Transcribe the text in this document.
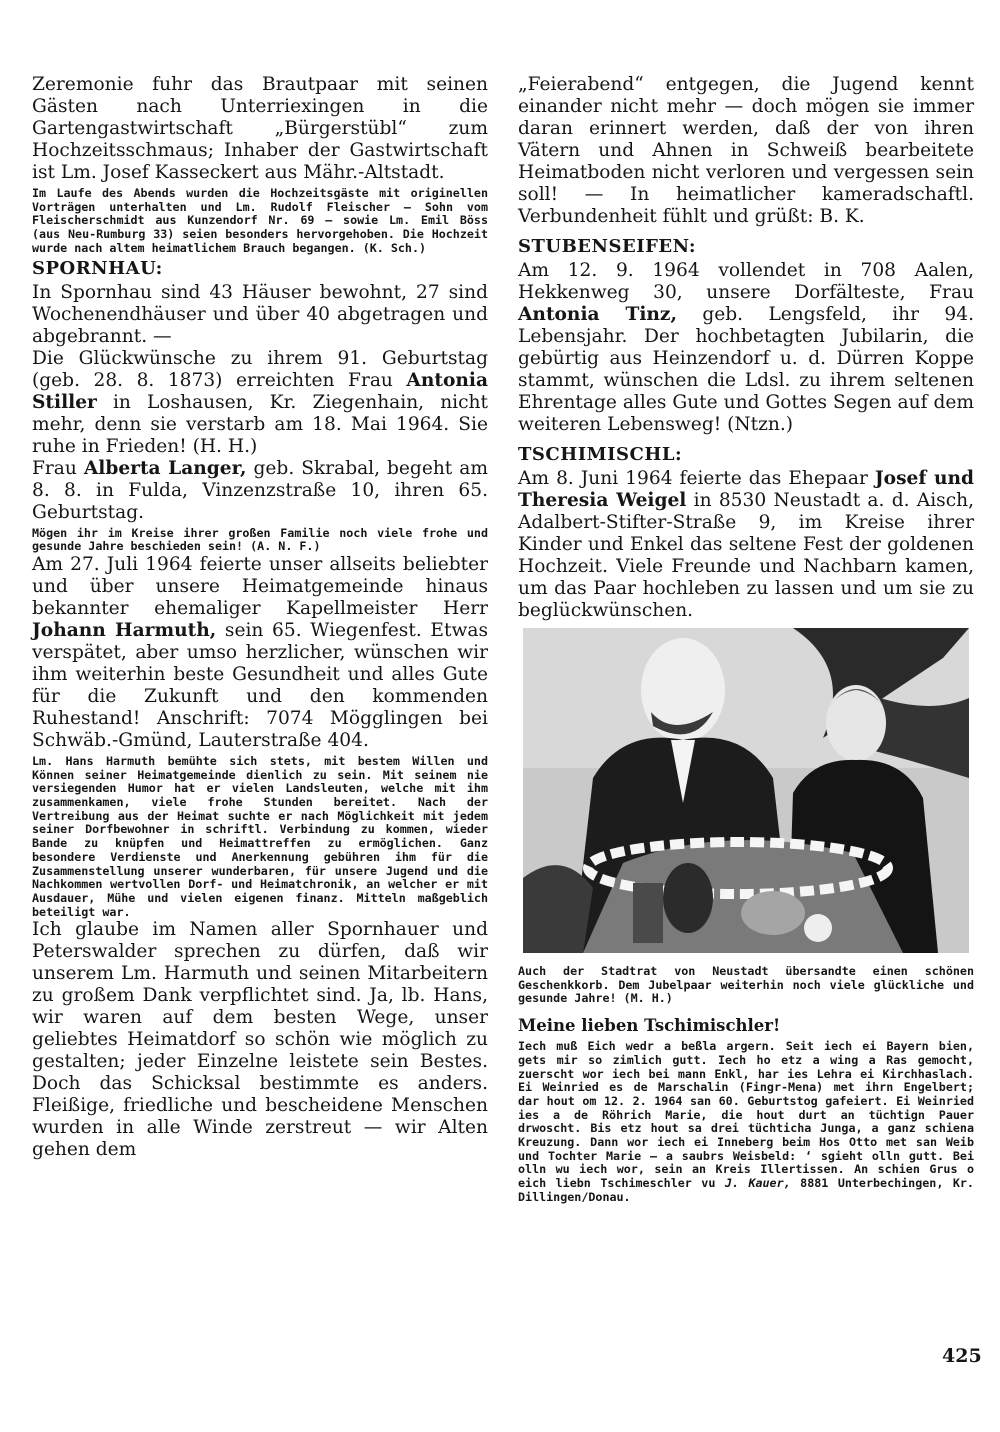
Zeremonie fuhr das Brautpaar mit seinen Gästen nach Unterriexingen in die Gartengastwirtschaft „Bürgerstübl“ zum Hochzeitsschmaus; Inhaber der Gastwirtschaft ist Lm. Josef Kasseckert aus Mähr.-Altstadt.

Im Laufe des Abends wurden die Hochzeitsgäste mit originellen Vorträgen unterhalten und Lm. Rudolf Fleischer — Sohn vom Fleischerschmidt aus Kunzendorf Nr. 69 — sowie Lm. Emil Böss (aus Neu-Rumburg 33) seien besonders hervorgehoben. Die Hochzeit wurde nach altem heimatlichem Brauch begangen. (K. Sch.)

SPORNHAU:

In Spornhau sind 43 Häuser bewohnt, 27 sind Wochenendhäuser und über 40 abgetragen und abgebrannt. —

Die Glückwünsche zu ihrem 91. Geburtstag (geb. 28. 8. 1873) erreichten Frau Antonia Stiller in Loshausen, Kr. Ziegenhain, nicht mehr, denn sie verstarb am 18. Mai 1964. Sie ruhe in Frieden! (H. H.)

Frau Alberta Langer, geb. Skrabal, begeht am 8. 8. in Fulda, Vinzenzstraße 10, ihren 65. Geburtstag.

Mögen ihr im Kreise ihrer großen Familie noch viele frohe und gesunde Jahre beschieden sein! (A. N. F.)

Am 27. Juli 1964 feierte unser allseits beliebter und über unsere Heimatgemeinde hinaus bekannter ehemaliger Kapellmeister Herr Johann Harmuth, sein 65. Wiegenfest. Etwas verspätet, aber umso herzlicher, wünschen wir ihm weiterhin beste Gesundheit und alles Gute für die Zukunft und den kommenden Ruhestand! Anschrift: 7074 Mögglingen bei Schwäb.-Gmünd, Lauterstraße 404.

Lm. Hans Harmuth bemühte sich stets, mit bestem Willen und Können seiner Heimatgemeinde dienlich zu sein. Mit seinem nie versiegenden Humor hat er vielen Landsleuten, welche mit ihm zusammenkamen, viele frohe Stunden bereitet. Nach der Vertreibung aus der Heimat suchte er nach Möglichkeit mit jedem seiner Dorfbewohner in schriftl. Verbindung zu kommen, wieder Bande zu knüpfen und Heimattreffen zu ermöglichen. Ganz besondere Verdienste und Anerkennung gebühren ihm für die Zusammenstellung unserer wunderbaren, für unsere Jugend und die Nachkommen wertvollen Dorf- und Heimatchronik, an welcher er mit Ausdauer, Mühe und vielen eigenen finanz. Mitteln maßgeblich beteiligt war.

Ich glaube im Namen aller Spornhauer und Peterswalder sprechen zu dürfen, daß wir unserem Lm. Harmuth und seinen Mitarbeitern zu großem Dank verpflichtet sind. Ja, lb. Hans, wir waren auf dem besten Wege, unser geliebtes Heimatdorf so schön wie möglich zu gestalten; jeder Einzelne leistete sein Bestes. Doch das Schicksal bestimmte es anders. Fleißige, friedliche und bescheidene Menschen wurden in alle Winde zerstreut — wir Alten gehen dem

„Feierabend“ entgegen, die Jugend kennt einander nicht mehr — doch mögen sie immer daran erinnert werden, daß der von ihren Vätern und Ahnen in Schweiß bearbeitete Heimatboden nicht verloren und vergessen sein soll! — In heimatlicher kameradschaftl. Verbundenheit fühlt und grüßt: B. K.

STUBENSEIFEN:

Am 12. 9. 1964 vollendet in 708 Aalen, Hekkenweg 30, unsere Dorfälteste, Frau Antonia Tinz, geb. Lengsfeld, ihr 94. Lebensjahr. Der hochbetagten Jubilarin, die gebürtig aus Heinzendorf u. d. Dürren Koppe stammt, wünschen die Ldsl. zu ihrem seltenen Ehrentage alles Gute und Gottes Segen auf dem weiteren Lebensweg! (Ntzn.)

TSCHIMISCHL:

Am 8. Juni 1964 feierte das Ehepaar Josef und Theresia Weigel in 8530 Neustadt a. d. Aisch, Adalbert-Stifter-Straße 9, im Kreise ihrer Kinder und Enkel das seltene Fest der goldenen Hochzeit. Viele Freunde und Nachbarn kamen, um das Paar hochleben zu lassen und um sie zu beglückwünschen.

Auch der Stadtrat von Neustadt übersandte einen schönen Geschenkkorb. Dem Jubelpaar weiterhin noch viele glückliche und gesunde Jahre! (M. H.)

Meine lieben Tschimischler!

Iech muß Eich wedr a beßla argern. Seit iech ei Bayern bien, gets mir so zimlich gutt. Iech ho etz a wing a Ras gemocht, zuerscht wor iech bei mann Enkl, har ies Lehra ei Kirchhaslach. Ei Weinried es de Marschalin (Fingr-Mena) met ihrn Engelbert; dar hout om 12. 2. 1964 san 60. Geburtstog gafeiert. Ei Weinried ies a de Röhrich Marie, die hout durt an tüchtign Pauer drwoscht. Bis etz hout sa drei tüchticha Junga, a ganz schiena Kreuzung. Dann wor iech ei Inneberg beim Hos Otto met san Weib und Tochter Marie — a saubrs Weisbeld: ‘ sgieht olln gutt. Bei olln wu iech wor, sein an Kreis Illertissen. An schien Grus o eich liebn Tschimeschler vu J. Kauer, 8881 Unterbechingen, Kr. Dillingen/Donau.

425
